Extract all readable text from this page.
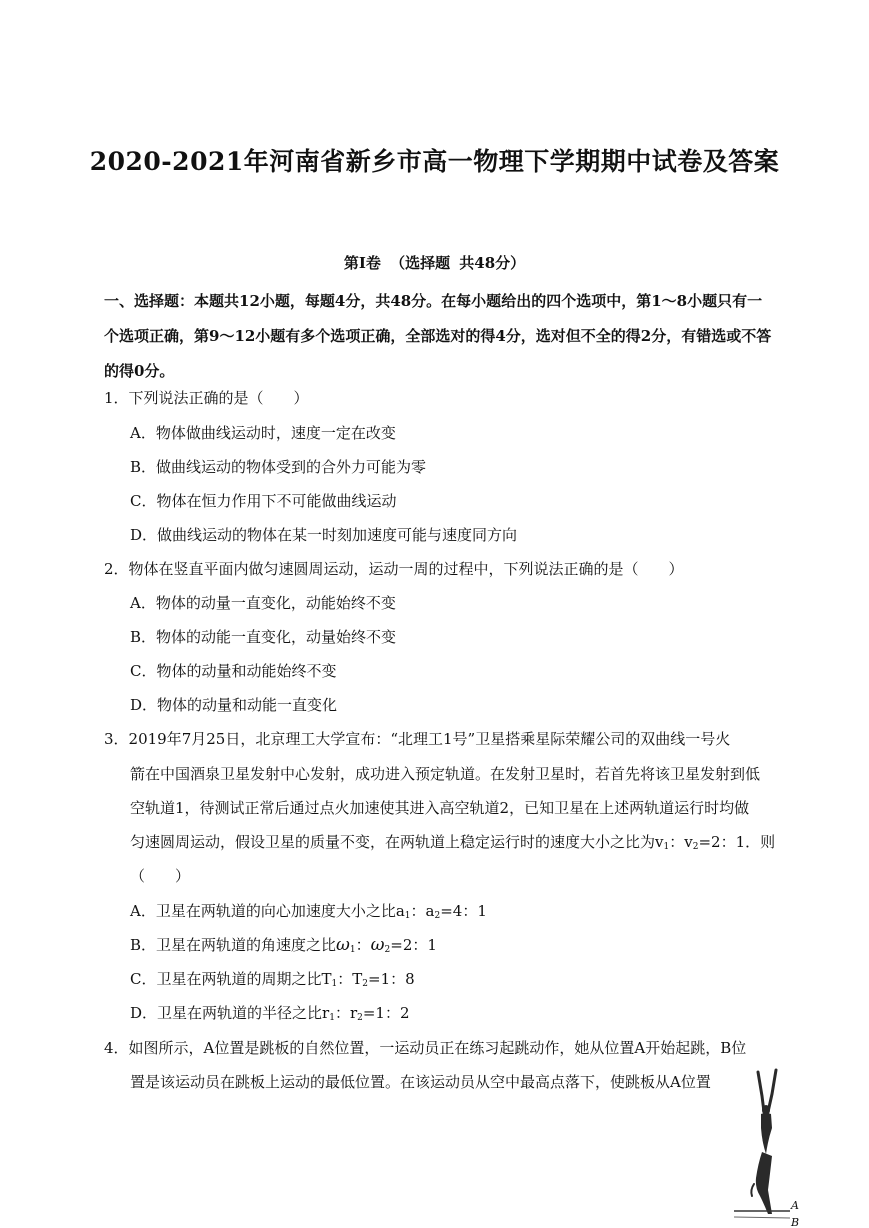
2020-2021年河南省新乡市高一物理下学期期中试卷及答案
第Ⅰ卷 （选择题 共48分）

一、选择题：本题共12小题，每题4分，共48分。在每小题给出的四个选项中，第1～8小题只有一个选项正确，第9～12小题有多个选项正确，全部选对的得4分，选对但不全的得2分，有错选或不答的得0分。

1．下列说法正确的是（　　）

A．物体做曲线运动时，速度一定在改变

B．做曲线运动的物体受到的合外力可能为零

C．物体在恒力作用下不可能做曲线运动

D．做曲线运动的物体在某一时刻加速度可能与速度同方向

2．物体在竖直平面内做匀速圆周运动，运动一周的过程中，下列说法正确的是（　　）

A．物体的动量一直变化，动能始终不变

B．物体的动能一直变化，动量始终不变

C．物体的动量和动能始终不变

D．物体的动量和动能一直变化

3．2019年7月25日，北京理工大学宣布：“北理工1号”卫星搭乘星际荣耀公司的双曲线一号火

箭在中国酒泉卫星发射中心发射，成功进入预定轨道。在发射卫星时，若首先将该卫星发射到低

空轨道1，待测试正常后通过点火加速使其进入高空轨道2，已知卫星在上述两轨道运行时均做

匀速圆周运动，假设卫星的质量不变，在两轨道上稳定运行时的速度大小之比为$v_1$：$v_2=2$：1．则

（　　）

A．卫星在两轨道的向心加速度大小之比$a_1$：$a_2=4$：1

B．卫星在两轨道的角速度之比$\omega_1$：$\omega_2=2$：1

C．卫星在两轨道的周期之比$T_1$：$T_2=1$：8

D．卫星在两轨道的半径之比$r_1$：$r_2=1$：2

4．如图所示，A位置是跳板的自然位置，一运动员正在练习起跳动作，她从位置A开始起跳，B位

置是该运动员在跳板上运动的最低位置。在该运动员从空中最高点落下，使跳板从A位置

A
B
